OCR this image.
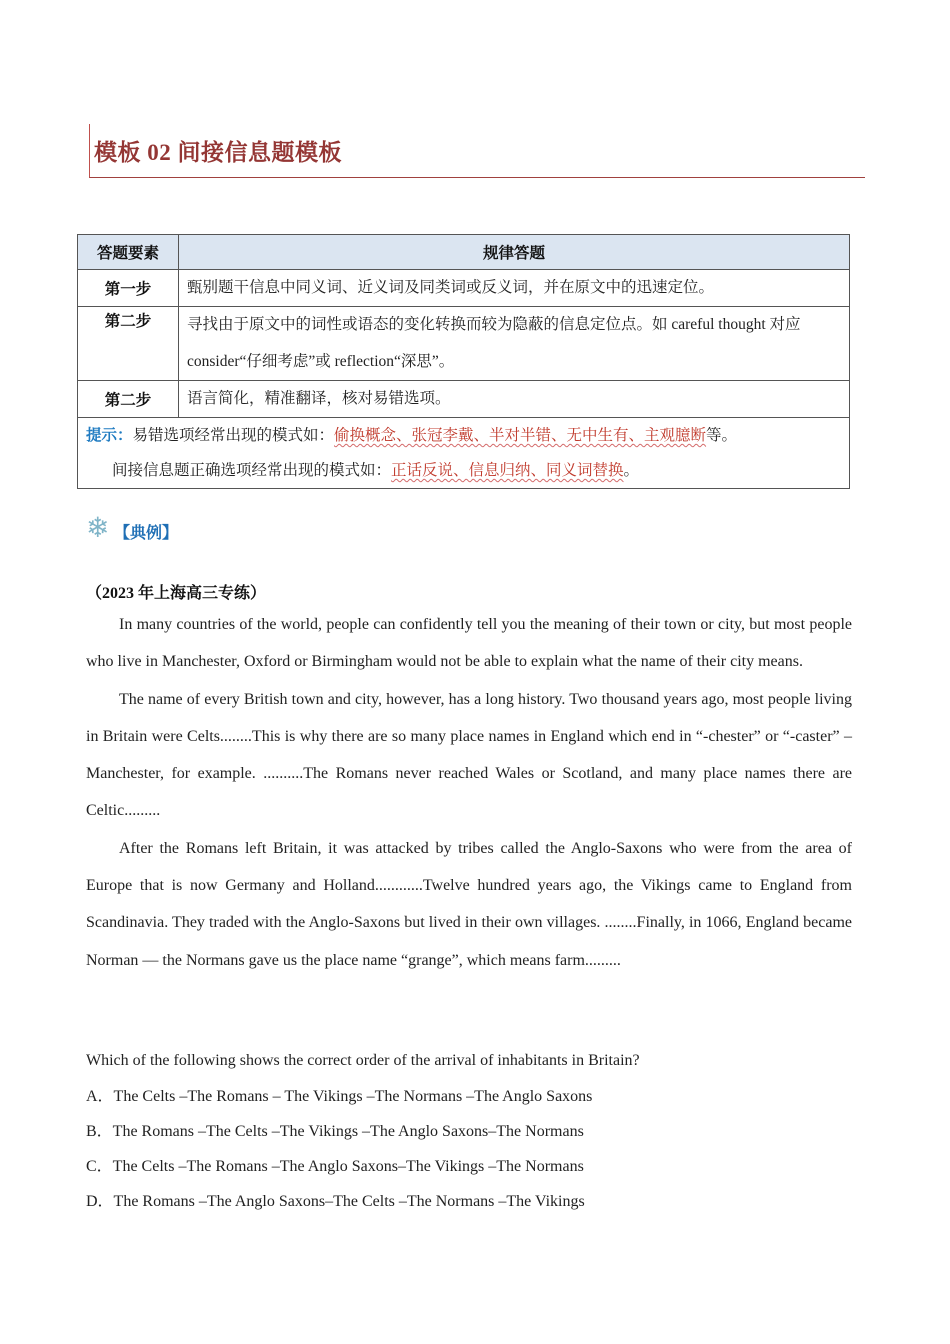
模板 02 间接信息题模板
答题要素	规律答题
第一步	甄别题干信息中同义词、近义词及同类词或反义词，并在原文中的迅速定位。
第二步	寻找由于原文中的词性或语态的变化转换而较为隐蔽的信息定位点。如 careful thought 对应 consider“仔细考虑”或 reflection“深思”。
第二步	语言简化，精准翻译，核对易错选项。

提示：易错选项经常出现的模式如：偷换概念、张冠李戴、半对半错、无中生有、主观臆断等。
间接信息题正确选项经常出现的模式如：正话反说、信息归纳、同义词替换。	
❄ 【典例】
（2023 年上海高三专练）

In many countries of the world, people can confidently tell you the meaning of their town or city, but most people who live in Manchester, Oxford or Birmingham would not be able to explain what the name of their city means.

The name of every British town and city, however, has a long history. Two thousand years ago, most people living in Britain were Celts........This is why there are so many place names in England which end in “-chester” or “-caster” –Manchester, for example. ..........The Romans never reached Wales or Scotland, and many place names there are Celtic.........

After the Romans left Britain, it was attacked by tribes called the Anglo-Saxons who were from the area of Europe that is now Germany and Holland............Twelve hundred years ago, the Vikings came to England from Scandinavia. They traded with the Anglo-Saxons but lived in their own villages. ........Finally, in 1066, England became Norman — the Normans gave us the place name “grange”, which means farm.........

Which of the following shows the correct order of the arrival of inhabitants in Britain?
A．The Celts –The Romans – The Vikings –The Normans –The Anglo Saxons
B．The Romans –The Celts –The Vikings –The Anglo Saxons–The Normans
C．The Celts –The Romans –The Anglo Saxons–The Vikings –The Normans
D．The Romans –The Anglo Saxons–The Celts –The Normans –The Vikings
